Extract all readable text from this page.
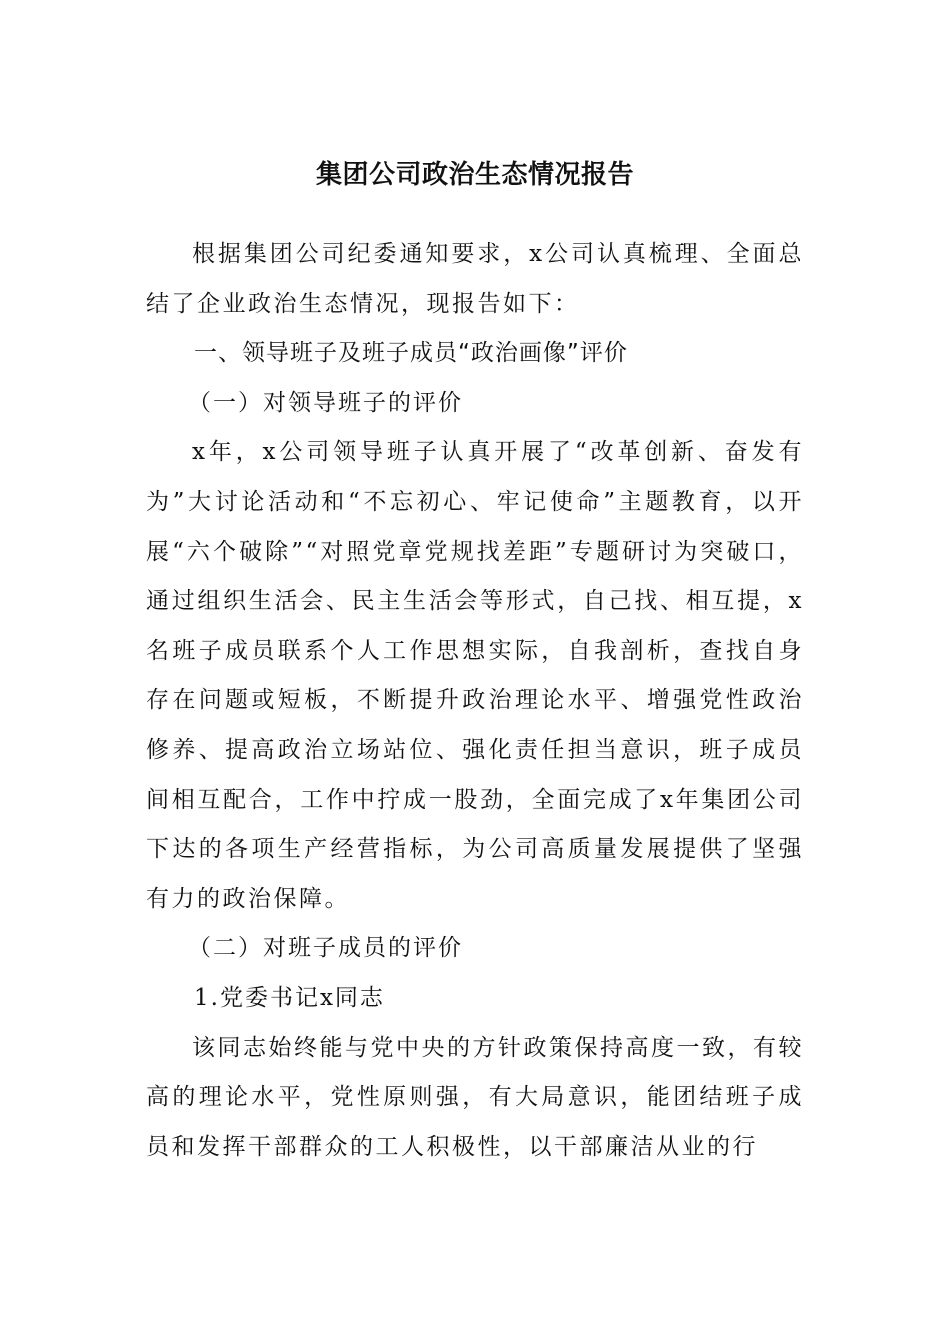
集团公司政治生态情况报告

根据集团公司纪委通知要求，x公司认真梳理、全面总结了企业政治生态情况，现报告如下：

一、领导班子及班子成员“政治画像”评价

（一）对领导班子的评价

x年，x公司领导班子认真开展了“改革创新、奋发有为”大讨论活动和“不忘初心、牢记使命”主题教育，以开展“六个破除”“对照党章党规找差距”专题研讨为突破口，通过组织生活会、民主生活会等形式，自己找、相互提，x名班子成员联系个人工作思想实际，自我剖析，查找自身存在问题或短板，不断提升政治理论水平、增强党性政治修养、提高政治立场站位、强化责任担当意识，班子成员间相互配合，工作中拧成一股劲，全面完成了x年集团公司下达的各项生产经营指标，为公司高质量发展提供了坚强有力的政治保障。

（二）对班子成员的评价

1.党委书记x同志

该同志始终能与党中央的方针政策保持高度一致，有较高的理论水平，党性原则强，有大局意识，能团结班子成员和发挥干部群众的工人积极性，以干部廉洁从业的行
